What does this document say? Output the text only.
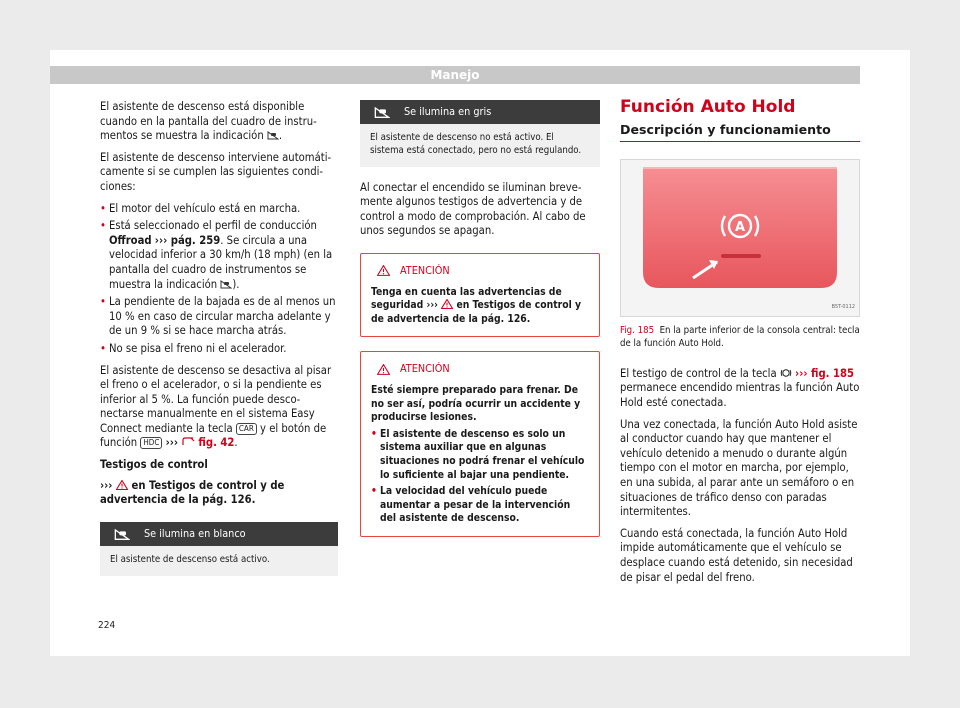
Manejo

El asistente de descenso está disponible cuando en la pantalla del cuadro de instrumentos se muestra la indicación .

El asistente de descenso interviene automáticamente si se cumplen las siguientes condiciones:

• El motor del vehículo está en marcha.
• Está seleccionado el perfil de conducción Offroad ››› pág. 259. Se circula a una velocidad inferior a 30 km/h (18 mph) (en la pantalla del cuadro de instrumentos se muestra la indicación ).
• La pendiente de la bajada es de al menos un 10 % en caso de circular marcha adelante y de un 9 % si se hace marcha atrás.
• No se pisa el freno ni el acelerador.

El asistente de descenso se desactiva al pisar el freno o el acelerador, o si la pendiente es inferior al 5 %. La función puede desconectarse manualmente en el sistema Easy Connect mediante la tecla CAR y el botón de función HDC ››› fig. 42.

Testigos de control

››› en Testigos de control y de advertencia de la pág. 126.

Se ilumina en blanco
El asistente de descenso está activo.
Se ilumina en gris
El asistente de descenso no está activo. El sistema está conectado, pero no está regulando.

Al conectar el encendido se iluminan brevemente algunos testigos de advertencia y de control a modo de comprobación. Al cabo de unos segundos se apagan.

ATENCIÓN
Tenga en cuenta las advertencias de seguridad ››› en Testigos de control y de advertencia de la pág. 126.
ATENCIÓN
Esté siempre preparado para frenar. De no ser así, podría ocurrir un accidente y producirse lesiones.
• El asistente de descenso es solo un sistema auxiliar que en algunas situaciones no podrá frenar el vehículo lo suficiente al bajar una pendiente.
• La velocidad del vehículo puede aumentar a pesar de la intervención del asistente de descenso.
Función Auto Hold
Descripción y funcionamiento
A
B5T-0112
Fig. 185 En la parte inferior de la consola central: tecla de la función Auto Hold.

El testigo de control de la tecla ››› fig. 185 permanece encendido mientras la función Auto Hold esté conectada.

Una vez conectada, la función Auto Hold asiste al conductor cuando hay que mantener el vehículo detenido a menudo o durante algún tiempo con el motor en marcha, por ejemplo, en una subida, al parar ante un semáforo o en situaciones de tráfico denso con paradas intermitentes.

Cuando está conectada, la función Auto Hold impide automáticamente que el vehículo se desplace cuando está detenido, sin necesidad de pisar el pedal del freno.

224
